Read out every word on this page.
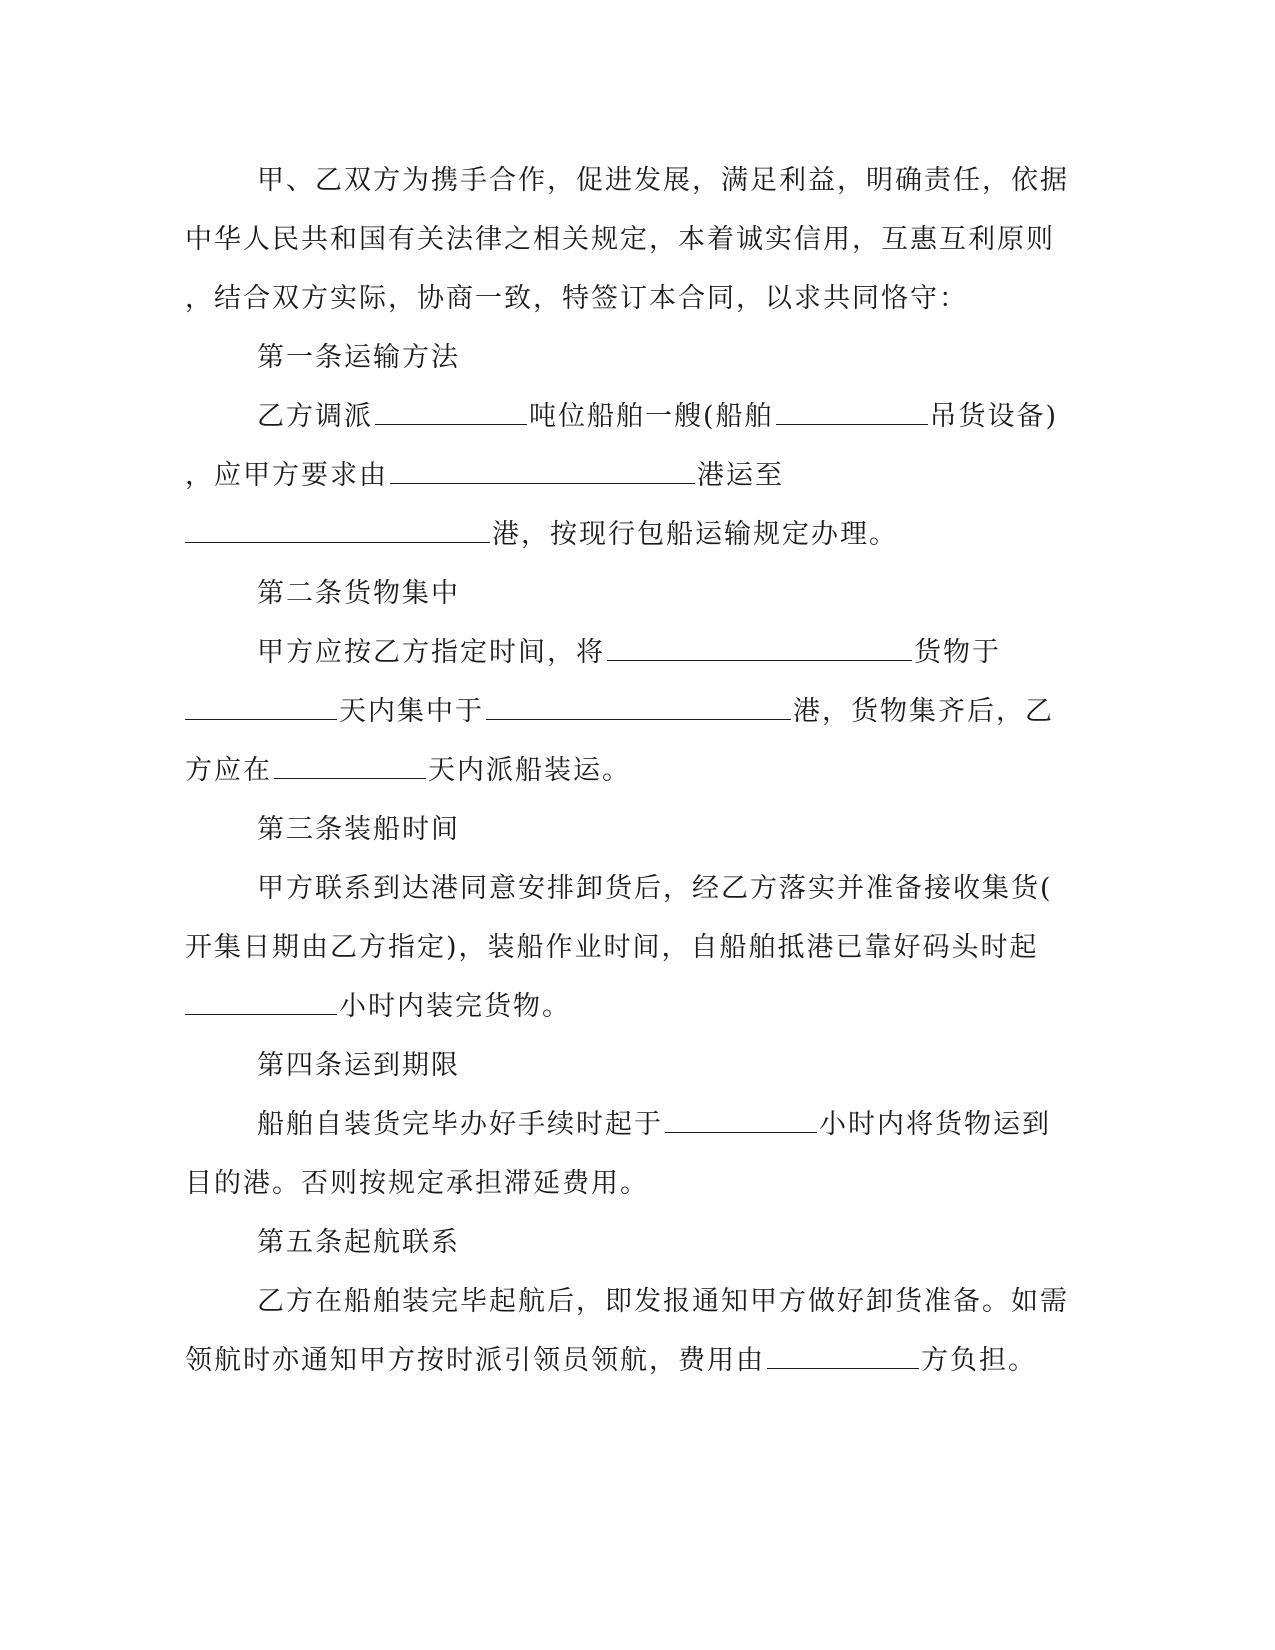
甲、乙双方为携手合作，促进发展，满足利益，明确责任，依据
中华人民共和国有关法律之相关规定，本着诚实信用，互惠互利原则
，结合双方实际，协商一致，特签订本合同，以求共同恪守：
第一条运输方法
乙方调派	吨位船舶一艘(船舶	吊货设备)
，应甲方要求由	港运至
港，按现行包船运输规定办理。
第二条货物集中
甲方应按乙方指定时间，将	货物于
天内集中于	港，货物集齐后，乙
方应在	天内派船装运。
第三条装船时间
甲方联系到达港同意安排卸货后，经乙方落实并准备接收集货(
开集日期由乙方指定)，装船作业时间，自船舶抵港已靠好码头时起
小时内装完货物。
第四条运到期限
船舶自装货完毕办好手续时起于	小时内将货物运到
目的港。否则按规定承担滞延费用。
第五条起航联系
乙方在船舶装完毕起航后，即发报通知甲方做好卸货准备。如需
领航时亦通知甲方按时派引领员领航，费用由	方负担。
